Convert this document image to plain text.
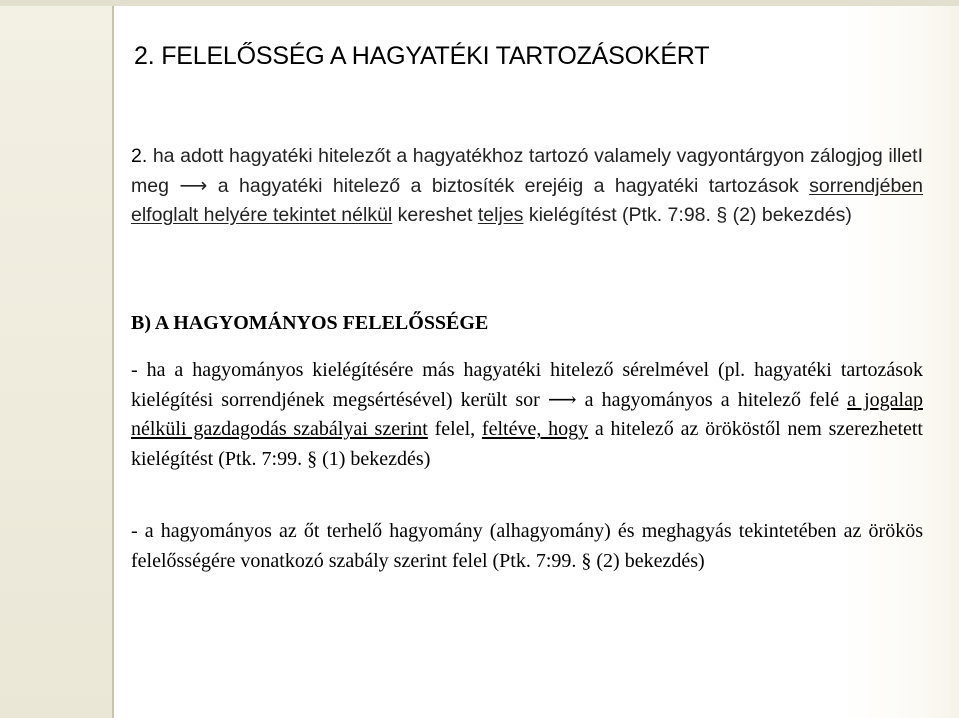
2. FELELŐSSÉG A HAGYATÉKI TARTOZÁSOKÉRT

2. ha adott hagyatéki hitelezőt a hagyatékhoz tartozó valamely vagyontárgyon zálogjog illetI meg ⟶ a hagyatéki hitelező a biztosíték erejéig a hagyatéki tartozások sorrendjében elfoglalt helyére tekintet nélkül kereshet teljes kielégítést (Ptk. 7:98. § (2) bekezdés)

B) A HAGYOMÁNYOS FELELŐSSÉGE

- ha a hagyományos kielégítésére más hagyatéki hitelező sérelmével (pl. hagyatéki tartozások kielégítési sorrendjének megsértésével) került sor ⟶ a hagyományos a hitelező felé a jogalap nélküli gazdagodás szabályai szerint felel, feltéve, hogy a hitelező az örököstől nem szerezhetett kielégítést (Ptk. 7:99. § (1) bekezdés)

- a hagyományos az őt terhelő hagyomány (alhagyomány) és meghagyás tekintetében az örökös felelősségére vonatkozó szabály szerint felel (Ptk. 7:99. § (2) bekezdés)
